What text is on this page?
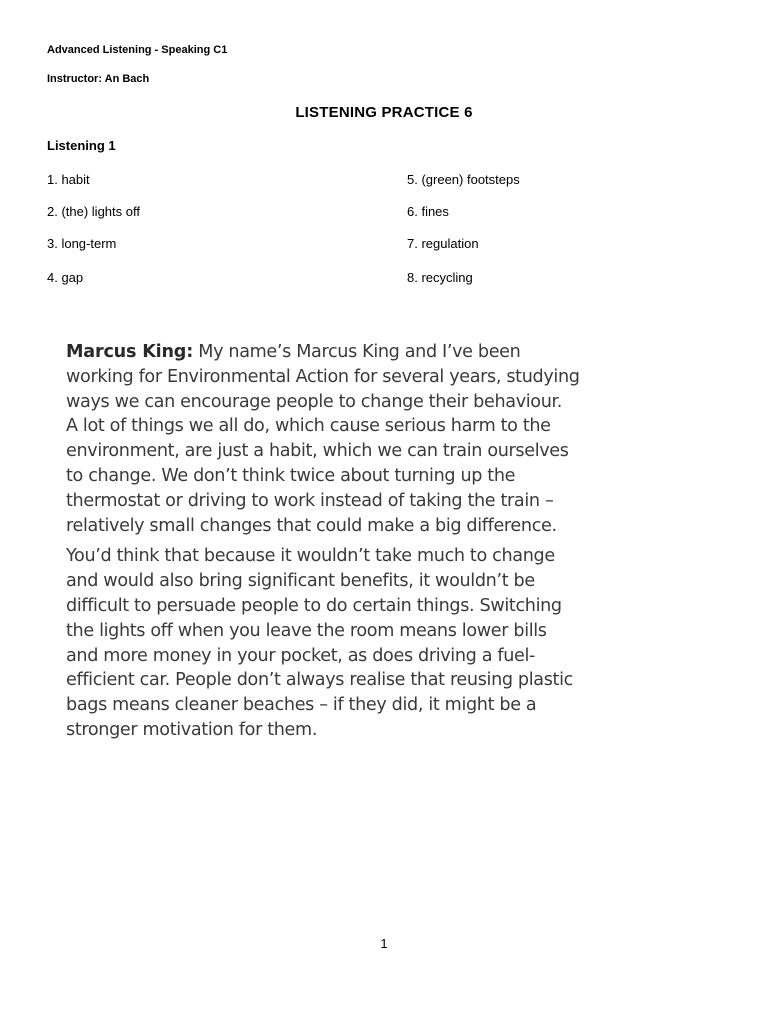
Advanced Listening - Speaking C1
Instructor: An Bach
LISTENING PRACTICE 6
Listening 1
1. habit
2. (the) lights off
3. long-term
4. gap
5. (green) footsteps
6. fines
7. regulation
8. recycling

Marcus King: My name’s Marcus King and I’ve been
working for Environmental Action for several years, studying
ways we can encourage people to change their behaviour.
A lot of things we all do, which cause serious harm to the
environment, are just a habit, which we can train ourselves
to change. We don’t think twice about turning up the
thermostat or driving to work instead of taking the train –
relatively small changes that could make a big difference.

You’d think that because it wouldn’t take much to change
and would also bring significant benefits, it wouldn’t be
difficult to persuade people to do certain things. Switching
the lights off when you leave the room means lower bills
and more money in your pocket, as does driving a fuel-
efficient car. People don’t always realise that reusing plastic
bags means cleaner beaches – if they did, it might be a
stronger motivation for them.

1
